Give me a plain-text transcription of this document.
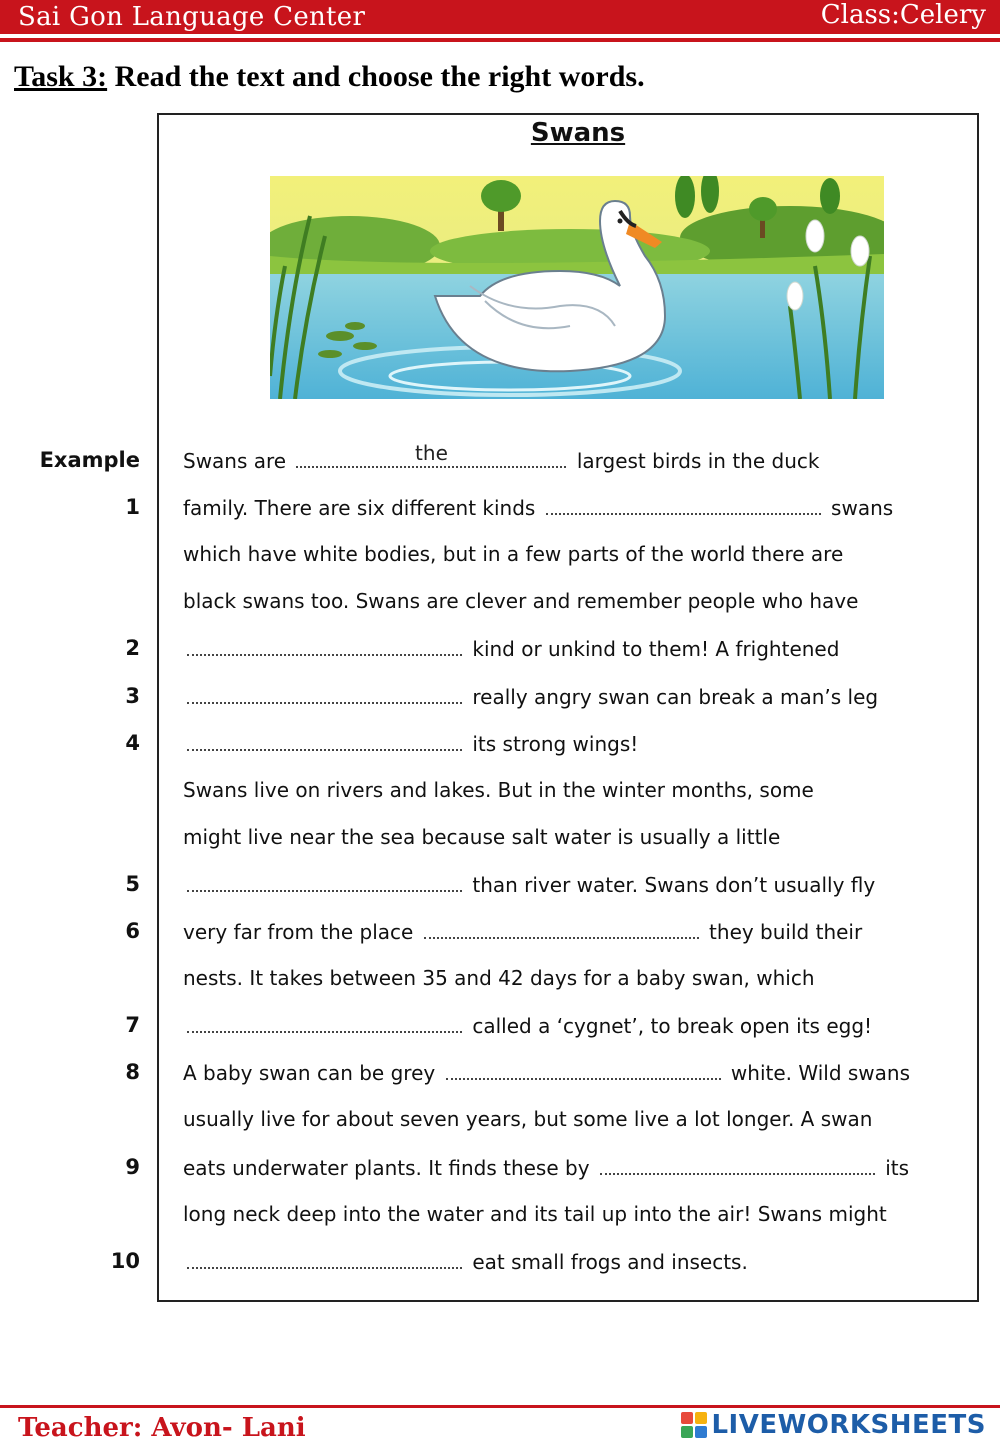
Sai Gon Language Center	Class:Celery
Task 3: Read the text and choose the right words.
Swans
Example Swans are	the	largest birds in the duck
1 family. There are six different kinds	swans
which have white bodies, but in a few parts of the world there are
black swans too. Swans are clever and remember people who have
2	kind or unkind to them! A frightened
3	really angry swan can break a man’s leg
4	its strong wings!
Swans live on rivers and lakes. But in the winter months, some
might live near the sea because salt water is usually a little
5	than river water. Swans don’t usually fly
6 very far from the place	they build their
nests. It takes between 35 and 42 days for a baby swan, which
7	called a ‘cygnet’, to break open its egg!
8 A baby swan can be grey	white. Wild swans
usually live for about seven years, but some live a lot longer. A swan
9 eats underwater plants. It finds these by	its
long neck deep into the water and its tail up into the air! Swans might
10	eat small frogs and insects.
Teacher: Avon- Lani	LIVEWORKSHEETS
